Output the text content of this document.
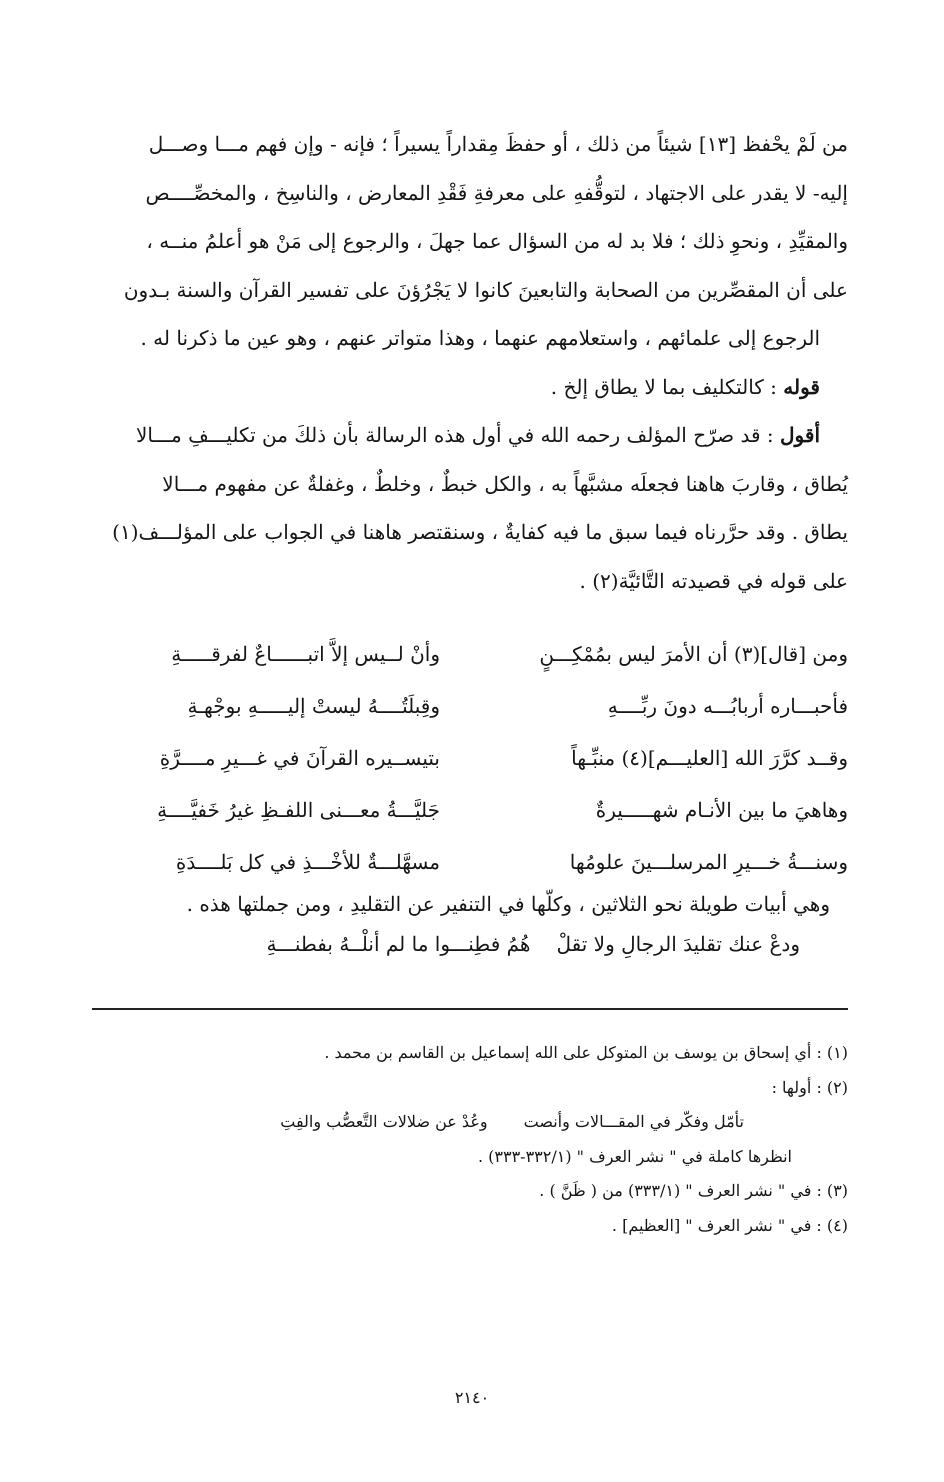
من لَمْ يحْفظ [١٣] شيئاً من ذلك ، أو حفظَ مِقداراً يسيراً ؛ فإنه - وإن فهم مـــا وصـــل

إليه- لا يقدر على الاجتهاد ، لتوقُّفهِ على معرفةِ فَقْدِ المعارض ، والناسِخ ، والمخصِّــــص

والمقيِّدِ ، ونحوِ ذلك ؛ فلا بد له من السؤال عما جهلَ ، والرجوع إلى مَنْ هو أعلمُ منــه ،

على أن المقصِّرين من الصحابة والتابعينَ كانوا لا يَجْرُؤنَ على تفسير القرآن والسنة بـدون

الرجوع إلى علمائهم ، واستعلامهم عنهما ، وهذا متواتر عنهم ، وهو عين ما ذكرنا له .

قوله : كالتكليف بما لا يطاق إلخ .

أقول : قد صرّح المؤلف رحمه الله في أول هذه الرسالة بأن ذلكَ من تكليـــفِ مـــالا

يُطاق ، وقاربَ هاهنا فجعلَه مشبَّهاً به ، والكل خبطٌ ، وخلطٌ ، وغفلةٌ عن مفهوم مـــالا

يطاق . وقد حرَّرناه فيما سبق ما فيه كفايةٌ ، وسنقتصر هاهنا في الجواب على المؤلـــف(١)

على قوله في قصيدته التَّائيَّة(٢) .

ومن [قال](٣) أن الأمرَ ليس بمُمْكِـــنٍ
وأنْ لــيس إلاَّ اتبــــــاعٌ لفرقـــــةِ
فأحبـــاره أربابُـــه دونَ ربِّــــهِ
وقِبلَتُــــهُ ليستْ إليـــــهِ بوجْهـةِ
وقــد كرَّرَ الله [العليـــم](٤) منبِّـهاً
بتيســيره القرآنَ في غـــيرِ مــــرَّةِ
وهاهيَ ما بين الأنـام شهـــــيرةٌ
جَليَّـــةُ معـــنى اللفـظِ غيرُ خَفيَّــــةِ
وسنـــةُ خـــيرِ المرسلـــينَ علومُها
مسهَّلـــةٌ للأخْـــذِ في كل بَلــــدَةِ
وهي أبيات طويلة نحو الثلاثين ، وكلّها في التنفير عن التقليدِ ، ومن جملتها هذه .
ودعْ عنك تقليدَ الرجالِ ولا تقلْ
هُمُ فطِنـــوا ما لم أنلْــهُ بفطنـــةِ

(١) : أي إسحاق بن يوسف بن المتوكل على الله إسماعيل بن القاسم بن محمد .

(٢) : أولها :

تأمّل وفكّر في المقـــالات وأنصت
وعُدْ عن ضلالات التَّعصُّب والفِتِ

انظرها كاملة في " نشر العرف " (٣٣٢/١-٣٣٣) .

(٣) : في " نشر العرف " (٣٣٣/١) من ( ظَنَّ ) .

(٤) : في " نشر العرف " [العظيم] .

٢١٤٠
